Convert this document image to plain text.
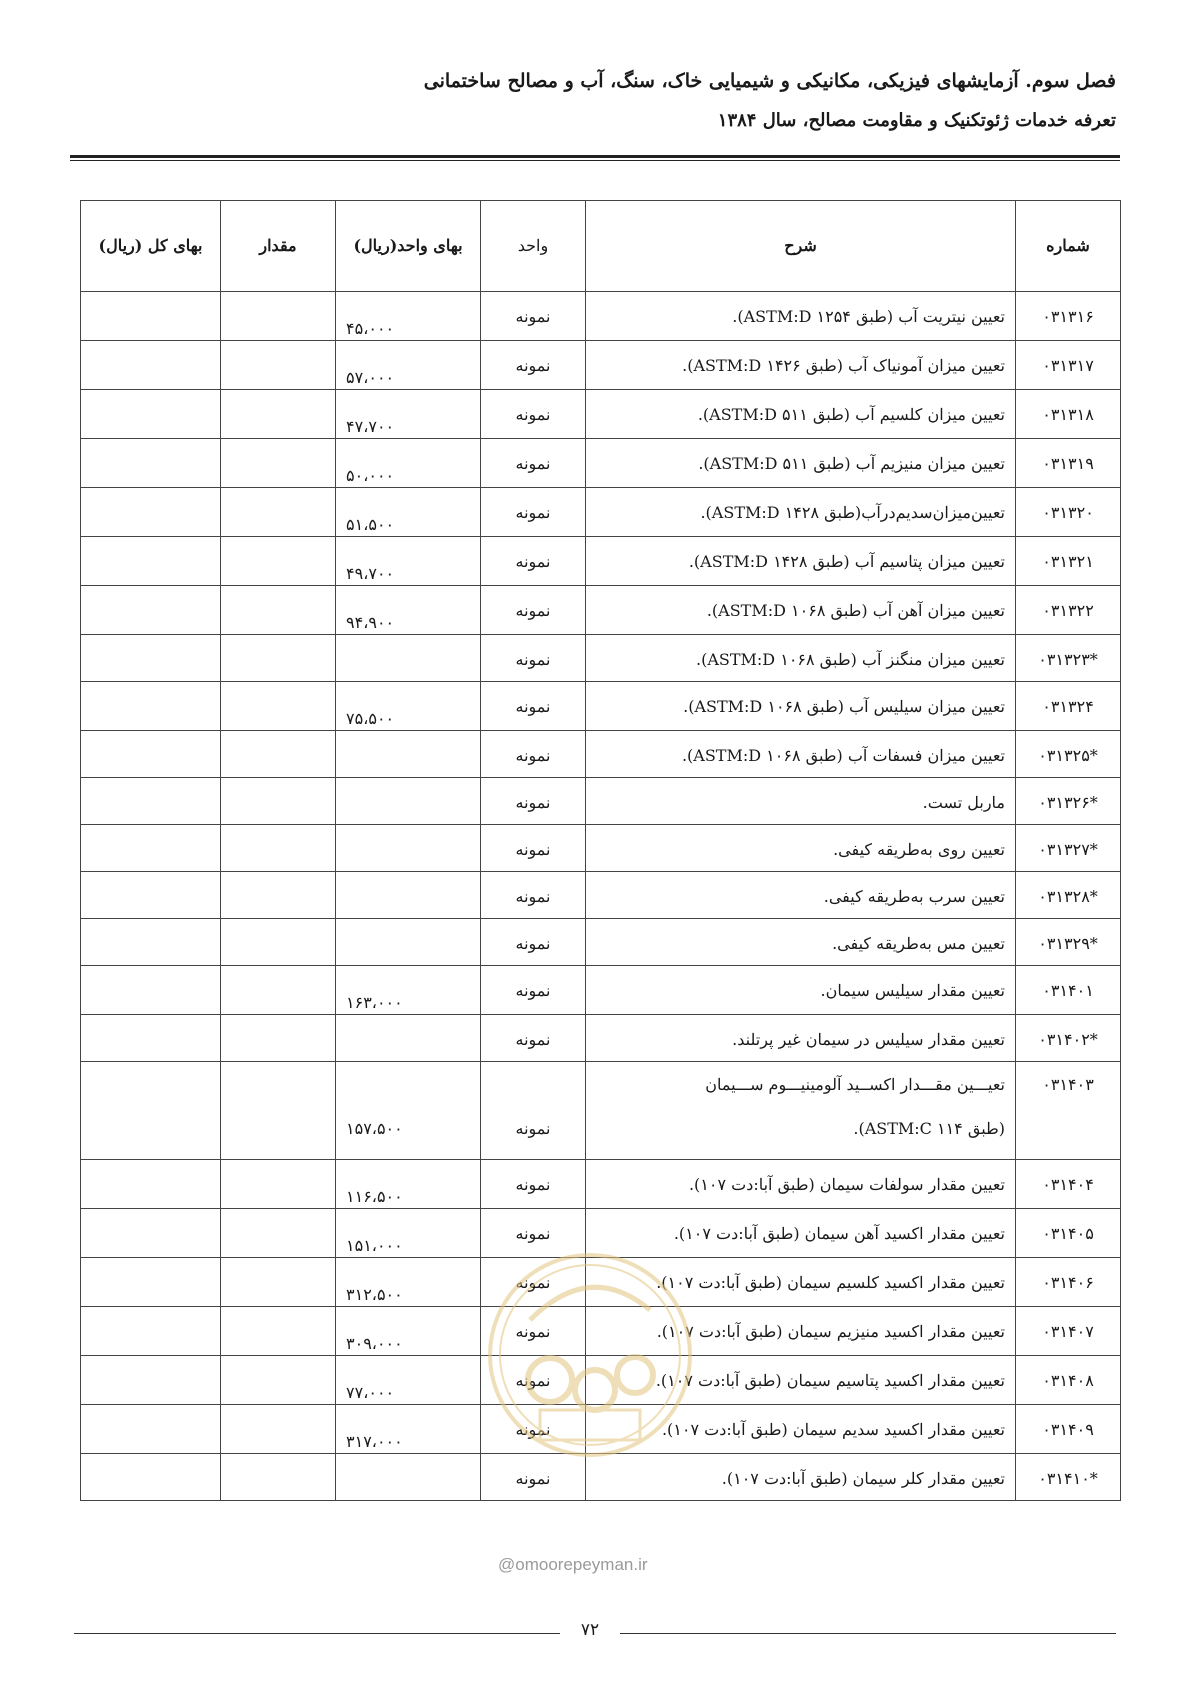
فصل سوم. آزمایشهای فیزیکی، مکانیکی و شیمیایی خاک، سنگ، آب و مصالح ساختمانی
تعرفه خدمات ژئوتکنیک و مقاومت مصالح، سال ۱۳۸۴
شماره	شرح	واحد	بهای واحد(ریال)	مقدار	بهای کل (ریال)
۰۳۱۳۱۶	تعیین نیتریت آب (طبق ۱۲۵۴ ASTM:D).	نمونه	۴۵،۰۰۰		
۰۳۱۳۱۷	تعیین میزان آمونیاک آب (طبق ۱۴۲۶ ASTM:D).	نمونه	۵۷،۰۰۰		
۰۳۱۳۱۸	تعیین میزان کلسیم آب (طبق ۵۱۱ ASTM:D).	نمونه	۴۷،۷۰۰		
۰۳۱۳۱۹	تعیین میزان منیزیم آب (طبق ۵۱۱ ASTM:D).	نمونه	۵۰،۰۰۰		
۰۳۱۳۲۰	تعیین‌میزان‌سدیم‌درآب(طبق ۱۴۲۸ ASTM:D).	نمونه	۵۱،۵۰۰		
۰۳۱۳۲۱	تعیین میزان پتاسیم آب (طبق ۱۴۲۸ ASTM:D).	نمونه	۴۹،۷۰۰		
۰۳۱۳۲۲	تعیین میزان آهن آب (طبق ۱۰۶۸ ASTM:D).	نمونه	۹۴،۹۰۰		
*۰۳۱۳۲۳	تعیین میزان منگنز آب (طبق ۱۰۶۸ ASTM:D).	نمونه			
۰۳۱۳۲۴	تعیین میزان سیلیس آب (طبق ۱۰۶۸ ASTM:D).	نمونه	۷۵،۵۰۰		
*۰۳۱۳۲۵	تعیین میزان فسفات آب (طبق ۱۰۶۸ ASTM:D).	نمونه			
*۰۳۱۳۲۶	ماربل تست.	نمونه			
*۰۳۱۳۲۷	تعیین روی به‌طریقه کیفی.	نمونه			
*۰۳۱۳۲۸	تعیین سرب به‌طریقه کیفی.	نمونه			
*۰۳۱۳۲۹	تعیین مس به‌طریقه کیفی.	نمونه			
۰۳۱۴۰۱	تعیین مقدار سیلیس سیمان.	نمونه	۱۶۳،۰۰۰		
*۰۳۱۴۰۲	تعیین مقدار سیلیس در سیمان غیر پرتلند.	نمونه			
۰۳۱۴۰۳	تعیـــین مقـــدار اکســید آلومینیـــوم ســـیمان
(طبق ۱۱۴ ASTM:C).	نمونه	۱۵۷،۵۰۰		
۰۳۱۴۰۴	تعیین مقدار سولفات سیمان (طبق آبا:دت ۱۰۷).	نمونه	۱۱۶،۵۰۰		
۰۳۱۴۰۵	تعیین مقدار اکسید آهن سیمان (طبق آبا:دت ۱۰۷).	نمونه	۱۵۱،۰۰۰		
۰۳۱۴۰۶	تعیین مقدار اکسید کلسیم سیمان (طبق آبا:دت ۱۰۷).	نمونه	۳۱۲،۵۰۰		
۰۳۱۴۰۷	تعیین مقدار اکسید منیزیم سیمان (طبق آبا:دت ۱۰۷).	نمونه	۳۰۹،۰۰۰		
۰۳۱۴۰۸	تعیین مقدار اکسید پتاسیم سیمان (طبق آبا:دت ۱۰۷).	نمونه	۷۷،۰۰۰		
۰۳۱۴۰۹	تعیین مقدار اکسید سدیم سیمان (طبق آبا:دت ۱۰۷).	نمونه	۳۱۷،۰۰۰		
*۰۳۱۴۱۰	تعیین مقدار کلر سیمان (طبق آبا:دت ۱۰۷).	نمونه			
@omoorepeyman.ir
۷۲
